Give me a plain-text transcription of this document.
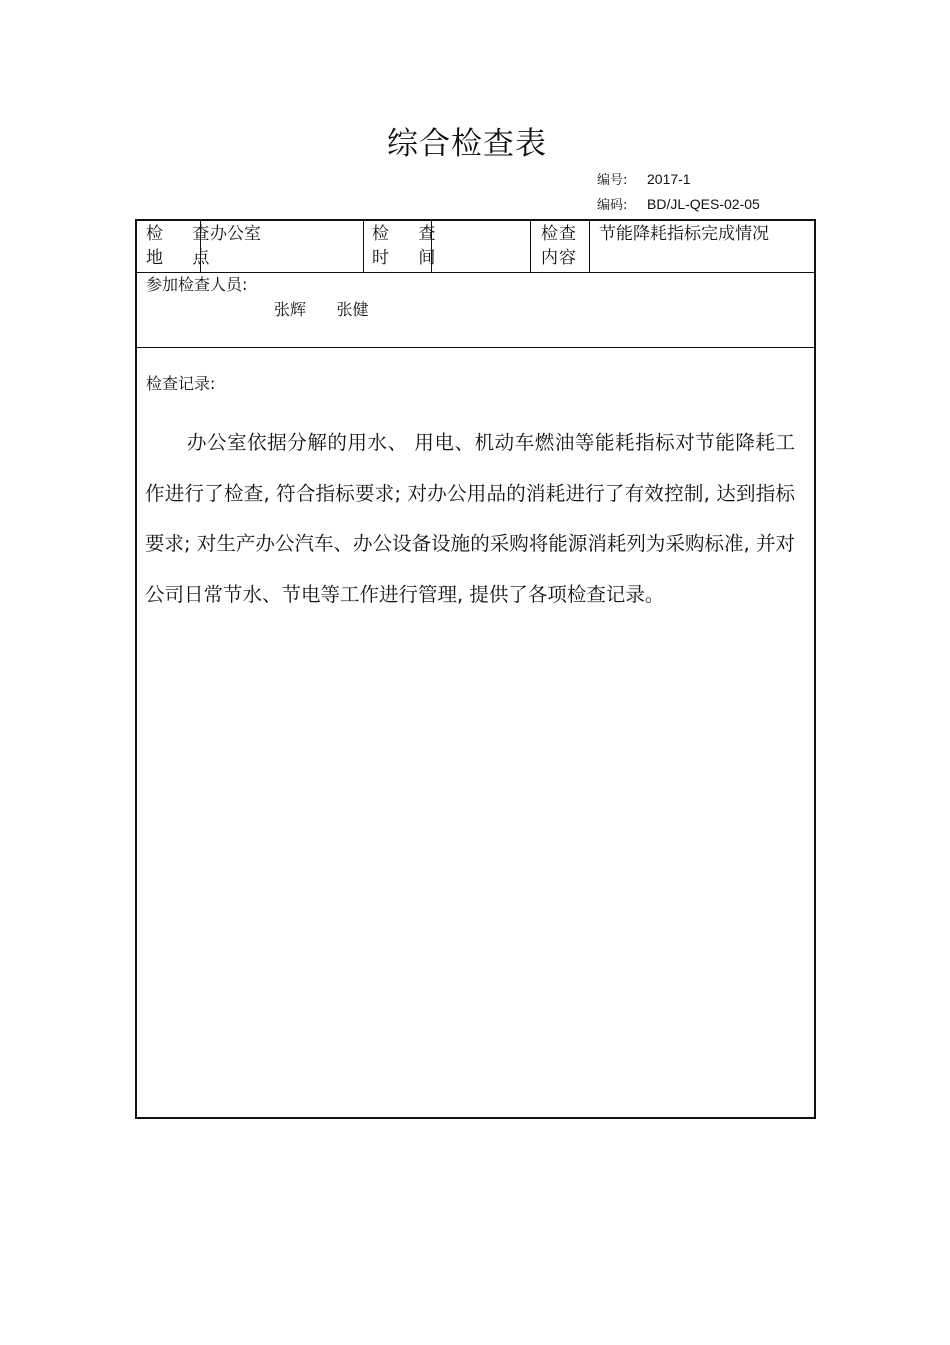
综合检查表
编号: 2017-1
编码: BD/JL-QES-02-05
检 查
地 点
办公室	检 查
时 间
检查
内容
节能降耗指标完成情况
参加检查人员:
张辉      张健
检查记录:
办公室依据分解的用水、 用电、机动车燃油等能耗指标对节能降耗工作进行了检查, 符合指标要求; 对办公用品的消耗进行了有效控制, 达到指标要求; 对生产办公汽车、办公设备设施的采购将能源消耗列为采购标准, 并对公司日常节水、节电等工作进行管理, 提供了各项检查记录。
